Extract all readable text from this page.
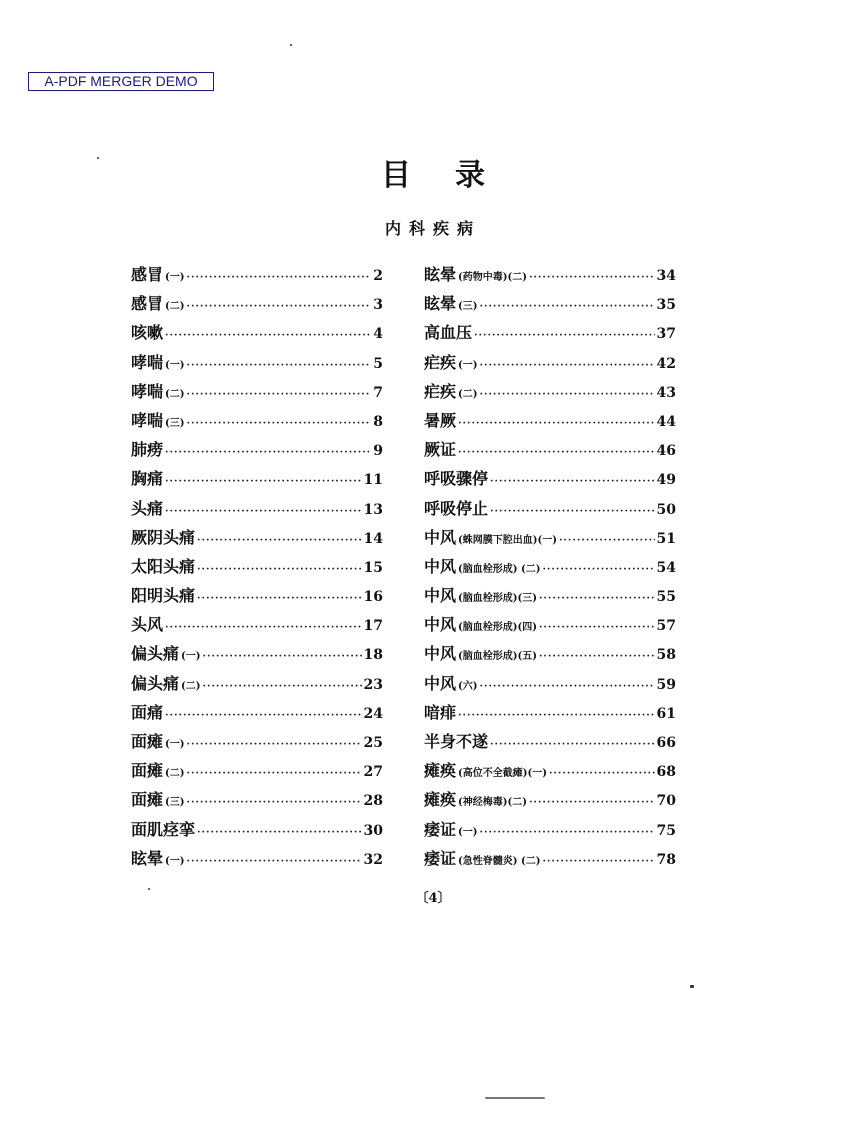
A-PDF MERGER DEMO
目录
内科疾病
感冒 (一) ·····	2
感冒 (二) ·····	3
咳嗽 ·····	4
哮喘 (一) ·····	5
哮喘 (二) ·····	7
哮喘 (三) ·····	8
肺痨 ·····	9
胸痛 ·····	11
头痛 ·····	13
厥阴头痛 ·····	14
太阳头痛 ·····	15
阳明头痛 ·····	16
头风 ·····	17
偏头痛 (一) ·····	18
偏头痛 (二) ·····	23
面痛 ·····	24
面瘫 (一) ·····	25
面瘫 (二) ·····	27
面瘫 (三) ·····	28
面肌痉挛 ·····	30
眩晕 (一) ·····	32
眩晕 (药物中毒)(二) ·····	34
眩晕 (三) ·····	35
高血压 ·····	37
疟疾 (一) ·····	42
疟疾 (二) ·····	43
暑厥 ·····	44
厥证 ·····	46
呼吸骤停 ·····	49
呼吸停止 ·····	50
中风 (蛛网膜下腔出血)(一) ·····	51
中风 (脑血栓形成) (二) ·····	54
中风 (脑血栓形成)(三) ·····	55
中风 (脑血栓形成)(四) ·····	57
中风 (脑血栓形成)(五) ·····	58
中风 (六) ·····	59
喑痱 ·····	61
半身不遂 ·····	66
瘫痪 (高位不全截瘫)(一) ·····	68
瘫痪 (神经梅毒)(二) ·····	70
痿证 (一) ·····	75
痿证 (急性脊髓炎) (二) ·····	78
〔4〕
